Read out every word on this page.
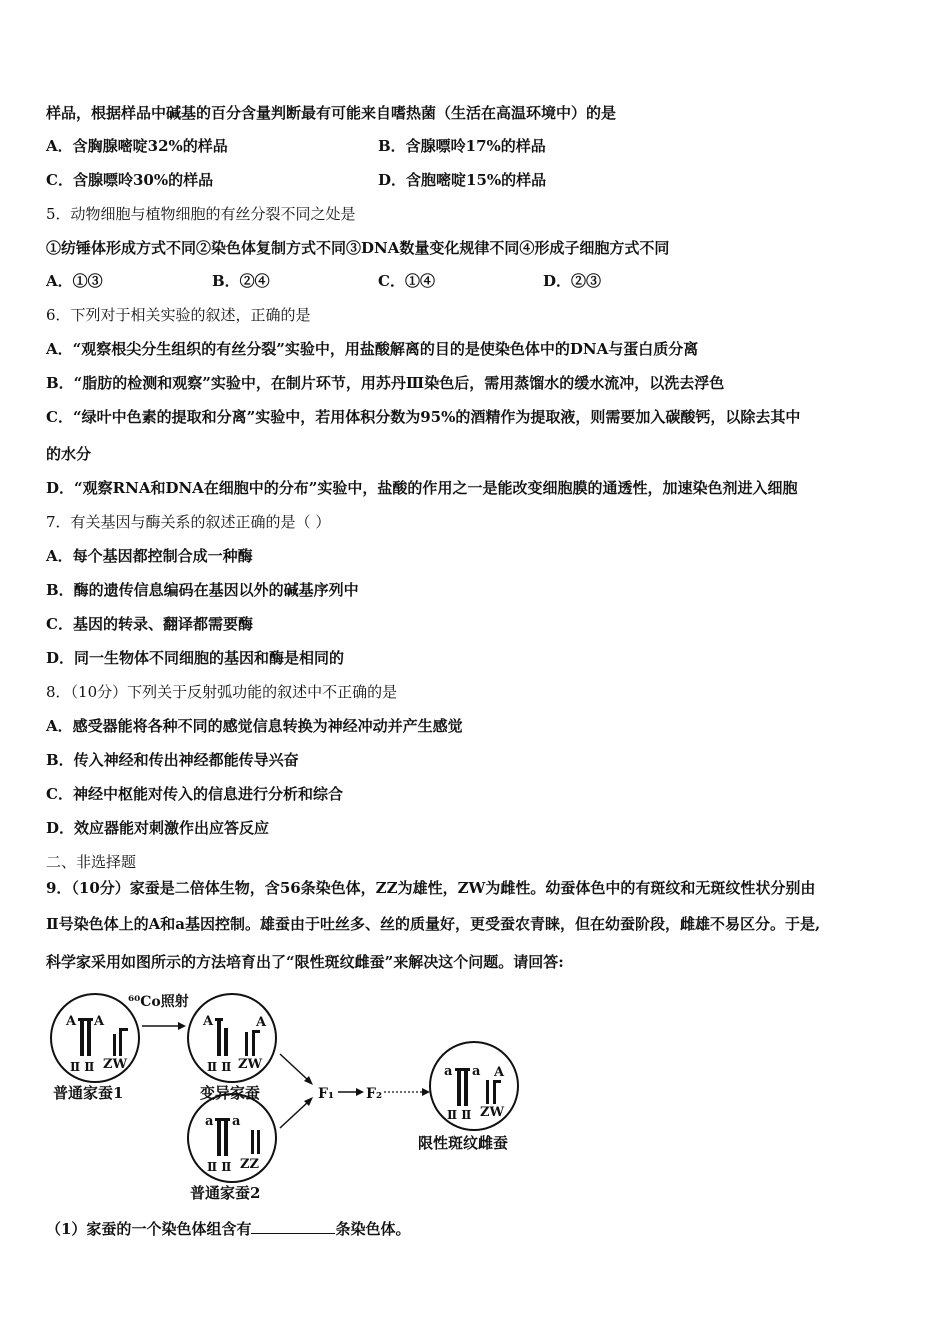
样品，根据样品中碱基的百分含量判断最有可能来自嗜热菌（生活在高温环境中）的是
A．含胸腺嘧啶32%的样品	B．含腺嘌呤17%的样品
C．含腺嘌呤30%的样品	D．含胞嘧啶15%的样品
5．动物细胞与植物细胞的有丝分裂不同之处是
①纺锤体形成方式不同②染色体复制方式不同③DNA数量变化规律不同④形成子细胞方式不同
A．①③	B．②④	C．①④	D．②③
6．下列对于相关实验的叙述，正确的是
A．“观察根尖分生组织的有丝分裂”实验中，用盐酸解离的目的是使染色体中的DNA与蛋白质分离
B．“脂肪的检测和观察”实验中，在制片环节，用苏丹Ⅲ染色后，需用蒸馏水的缓水流冲，以洗去浮色
C．“绿叶中色素的提取和分离”实验中，若用体积分数为95%的酒精作为提取液，则需要加入碳酸钙，以除去其中
的水分
D．“观察RNA和DNA在细胞中的分布”实验中，盐酸的作用之一是能改变细胞膜的通透性，加速染色剂进入细胞
7．有关基因与酶关系的叙述正确的是（ ）
A．每个基因都控制合成一种酶
B．酶的遗传信息编码在基因以外的碱基序列中
C．基因的转录、翻译都需要酶
D．同一生物体不同细胞的基因和酶是相同的
8．（10分）下列关于反射弧功能的叙述中不正确的是
A．感受器能将各种不同的感觉信息转换为神经冲动并产生感觉
B．传入神经和传出神经都能传导兴奋
C．神经中枢能对传入的信息进行分析和综合
D．效应器能对刺激作出应答反应
二、非选择题
9．（10分）家蚕是二倍体生物，含56条染色体，ZZ为雄性，ZW为雌性。幼蚕体色中的有斑纹和无斑纹性状分别由
Ⅱ号染色体上的A和a基因控制。雄蚕由于吐丝多、丝的质量好，更受蚕农青睐，但在幼蚕阶段，雌雄不易区分。于是,
科学家采用如图所示的方法培育出了“限性斑纹雌蚕”来解决这个问题。请回答:
A A
Ⅱ Ⅱ ZW
普通家蚕1
⁶⁰Co照射
A	A
Ⅱ Ⅱ ZW
变异家蚕
a a
Ⅱ Ⅱ ZZ
普通家蚕2
F₁ F₂
a a A
Ⅱ Ⅱ ZW
限性斑纹雌蚕
（1）家蚕的一个染色体组含有	条染色体。
